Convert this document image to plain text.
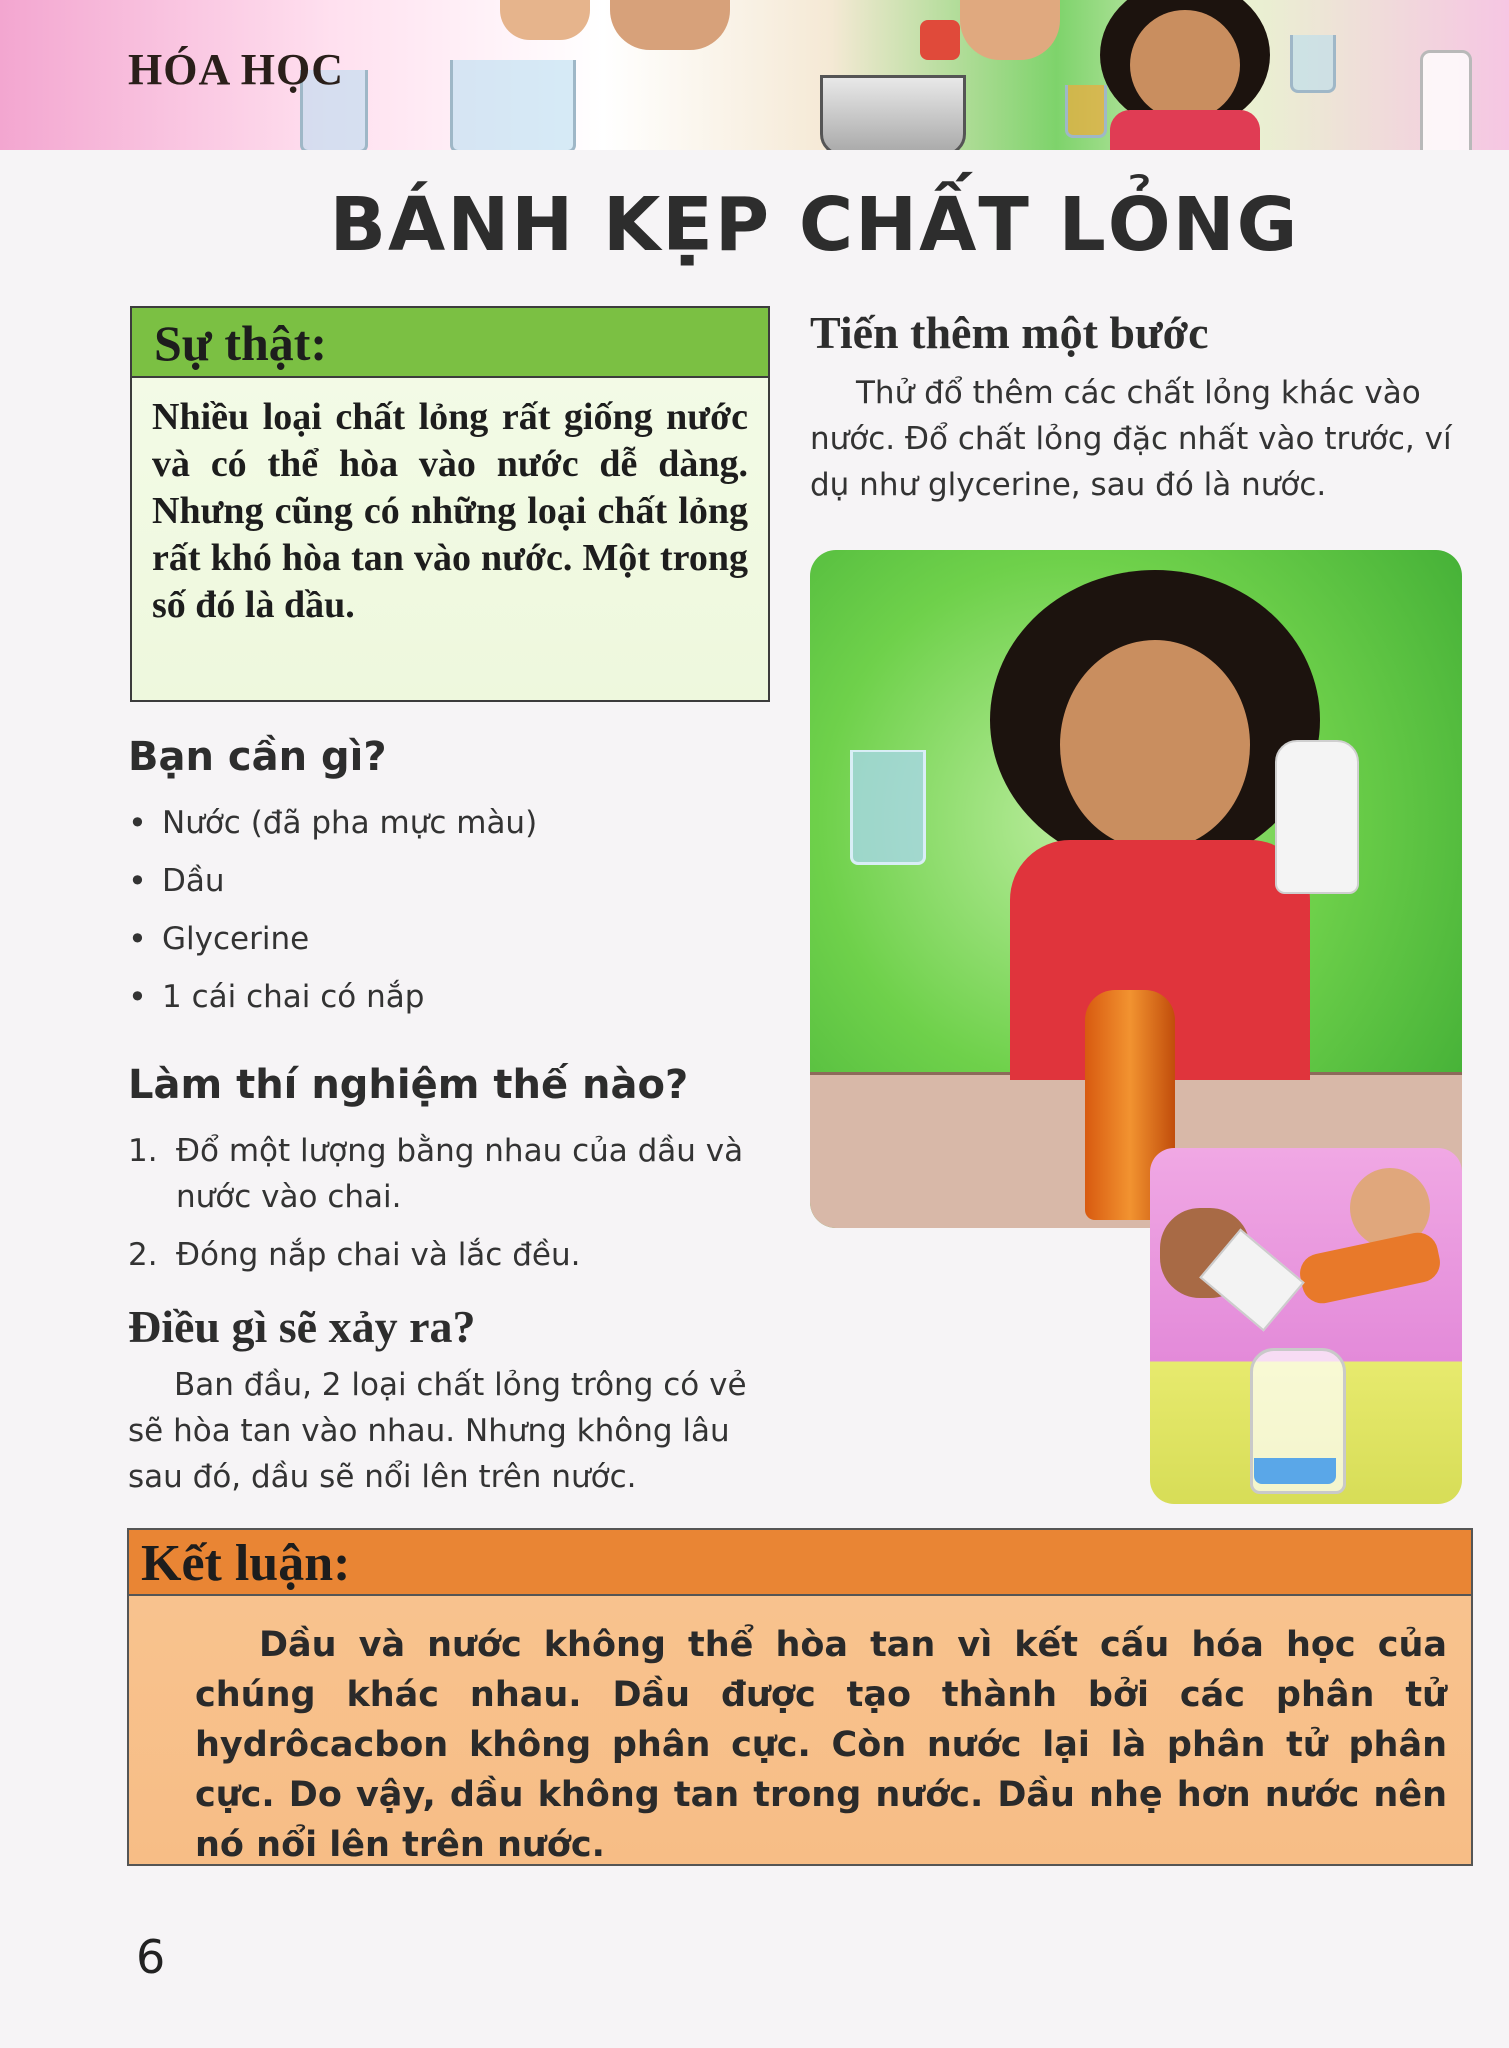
HÓA HỌC
BÁNH KẸP CHẤT LỎNG
Sự thật:
Nhiều loại chất lỏng rất giống nước và có thể hòa vào nước dễ dàng. Nhưng cũng có những loại chất lỏng rất khó hòa tan vào nước. Một trong số đó là dầu.
Bạn cần gì?
• Nước (đã pha mực màu)
• Dầu
• Glycerine
• 1 cái chai có nắp
Làm thí nghiệm thế nào?
1. Đổ một lượng bằng nhau của dầu và nước vào chai.
2. Đóng nắp chai và lắc đều.
Điều gì sẽ xảy ra?
Ban đầu, 2 loại chất lỏng trông có vẻ sẽ hòa tan vào nhau. Nhưng không lâu sau đó, dầu sẽ nổi lên trên nước.
Tiến thêm một bước
Thử đổ thêm các chất lỏng khác vào nước. Đổ chất lỏng đặc nhất vào trước, ví dụ như glycerine, sau đó là nước.
Kết luận:
Dầu và nước không thể hòa tan vì kết cấu hóa học của chúng khác nhau. Dầu được tạo thành bởi các phân tử hydrôcacbon không phân cực. Còn nước lại là phân tử phân cực. Do vậy, dầu không tan trong nước. Dầu nhẹ hơn nước nên nó nổi lên trên nước.
6
